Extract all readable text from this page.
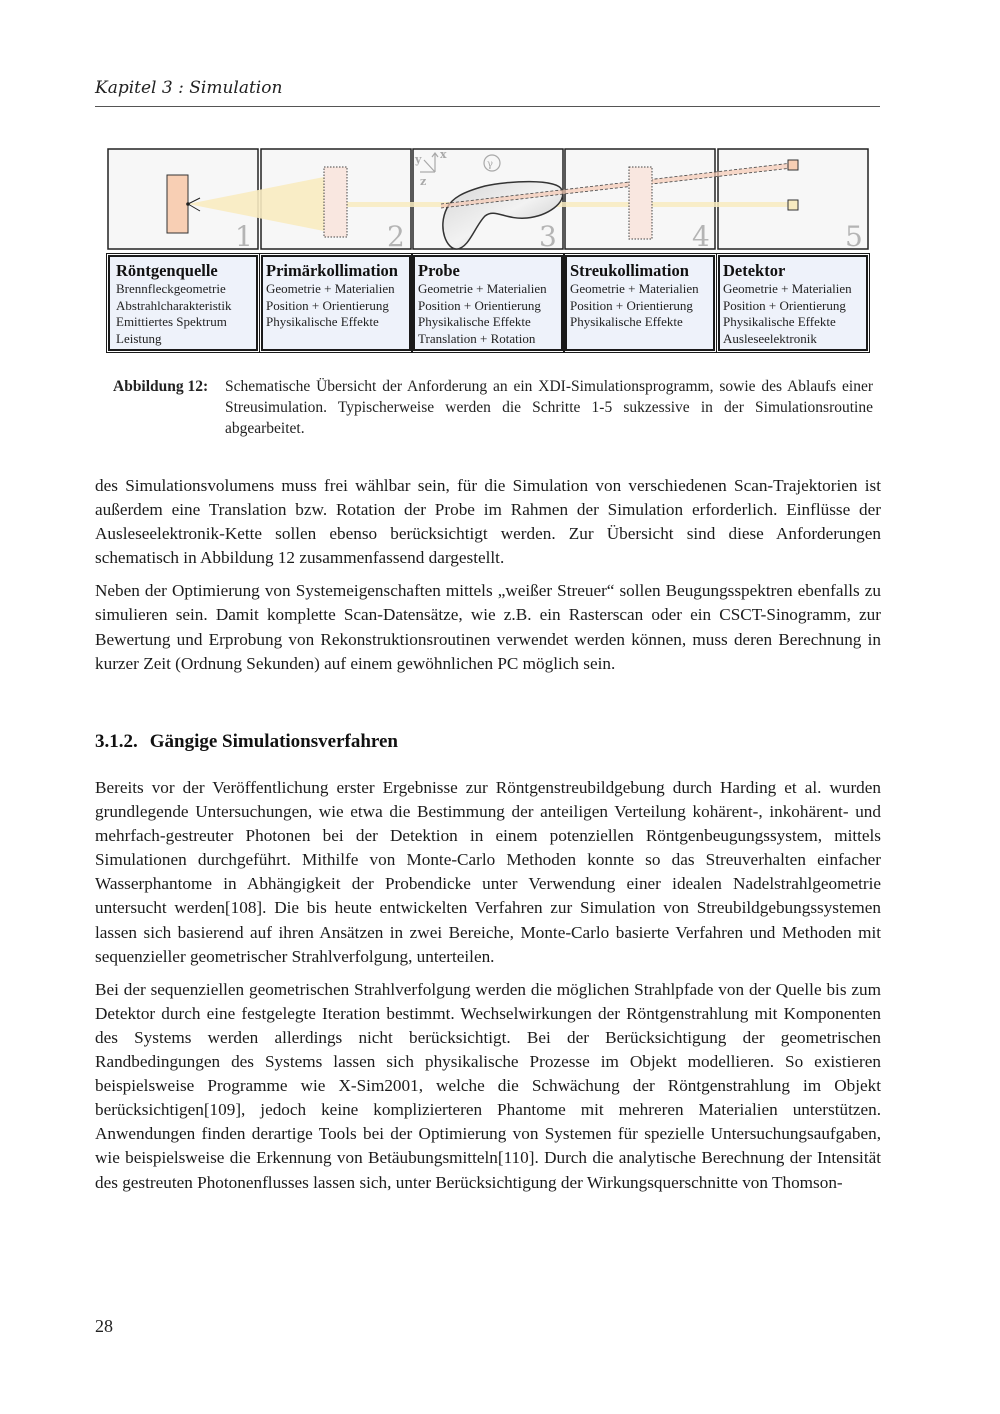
Kapitel 3 : Simulation
y x
z
γ
1	2	3	4	5
Röntgenquelle
Brennfleckgeometrie
Abstrahlcharakteristik
Emittiertes Spektrum
Leistung
Primärkollimation
Geometrie + Materialien
Position + Orientierung
Physikalische Effekte
Probe
Geometrie + Materialien
Position + Orientierung
Physikalische Effekte
Translation + Rotation
Streukollimation
Geometrie + Materialien
Position + Orientierung
Physikalische Effekte
Detektor
Geometrie + Materialien
Position + Orientierung
Physikalische Effekte
Ausleseelektronik
Abbildung 12: Schematische Übersicht der Anforderung an ein XDI-Simulationsprogramm, sowie des Ablaufs einer Streusimulation. Typischerweise werden die Schritte 1-5 sukzessive in der Simulationsroutine abgearbeitet.

des Simulationsvolumens muss frei wählbar sein, für die Simulation von verschiedenen Scan-Trajektorien ist außerdem eine Translation bzw. Rotation der Probe im Rahmen der Simulation erforderlich. Einflüsse der Ausleseelektronik-Kette sollen ebenso berücksichtigt werden. Zur Übersicht sind diese Anforderungen schematisch in Abbildung 12 zusammenfassend dargestellt.

Neben der Optimierung von Systemeigenschaften mittels „weißer Streuer“ sollen Beugungsspektren ebenfalls zu simulieren sein. Damit komplette Scan-Datensätze, wie z.B. ein Rasterscan oder ein CSCT-Sinogramm, zur Bewertung und Erprobung von Rekonstruktionsroutinen verwendet werden können, muss deren Berechnung in kurzer Zeit (Ordnung Sekunden) auf einem gewöhnlichen PC möglich sein.

3.1.2. Gängige Simulationsverfahren

Bereits vor der Veröffentlichung erster Ergebnisse zur Röntgenstreubildgebung durch Harding et al. wurden grundlegende Untersuchungen, wie etwa die Bestimmung der anteiligen Verteilung kohärent-, inkohärent- und mehrfach-gestreuter Photonen bei der Detektion in einem potenziellen Röntgenbeugungssystem, mittels Simulationen durchgeführt. Mithilfe von Monte-Carlo Methoden konnte so das Streuverhalten einfacher Wasserphantome in Abhängigkeit der Probendicke unter Verwendung einer idealen Nadelstrahlgeometrie untersucht werden[108]. Die bis heute entwickelten Verfahren zur Simulation von Streubildgebungssystemen lassen sich basierend auf ihren Ansätzen in zwei Bereiche, Monte-Carlo basierte Verfahren und Methoden mit sequenzieller geometrischer Strahlverfolgung, unterteilen.

Bei der sequenziellen geometrischen Strahlverfolgung werden die möglichen Strahlpfade von der Quelle bis zum Detektor durch eine festgelegte Iteration bestimmt. Wechselwirkungen der Röntgenstrahlung mit Komponenten des Systems werden allerdings nicht berücksichtigt. Bei der Berücksichtigung der geometrischen Randbedingungen des Systems lassen sich physikalische Prozesse im Objekt modellieren. So existieren beispielsweise Programme wie X-Sim2001, welche die Schwächung der Röntgenstrahlung im Objekt berücksichtigen[109], jedoch keine komplizierteren Phantome mit mehreren Materialien unterstützen. Anwendungen finden derartige Tools bei der Optimierung von Systemen für spezielle Untersuchungsaufgaben, wie beispielsweise die Erkennung von Betäubungsmitteln[110]. Durch die analytische Berechnung der Intensität des gestreuten Photonenflusses lassen sich, unter Berücksichtigung der Wirkungsquerschnitte von Thomson-

28
